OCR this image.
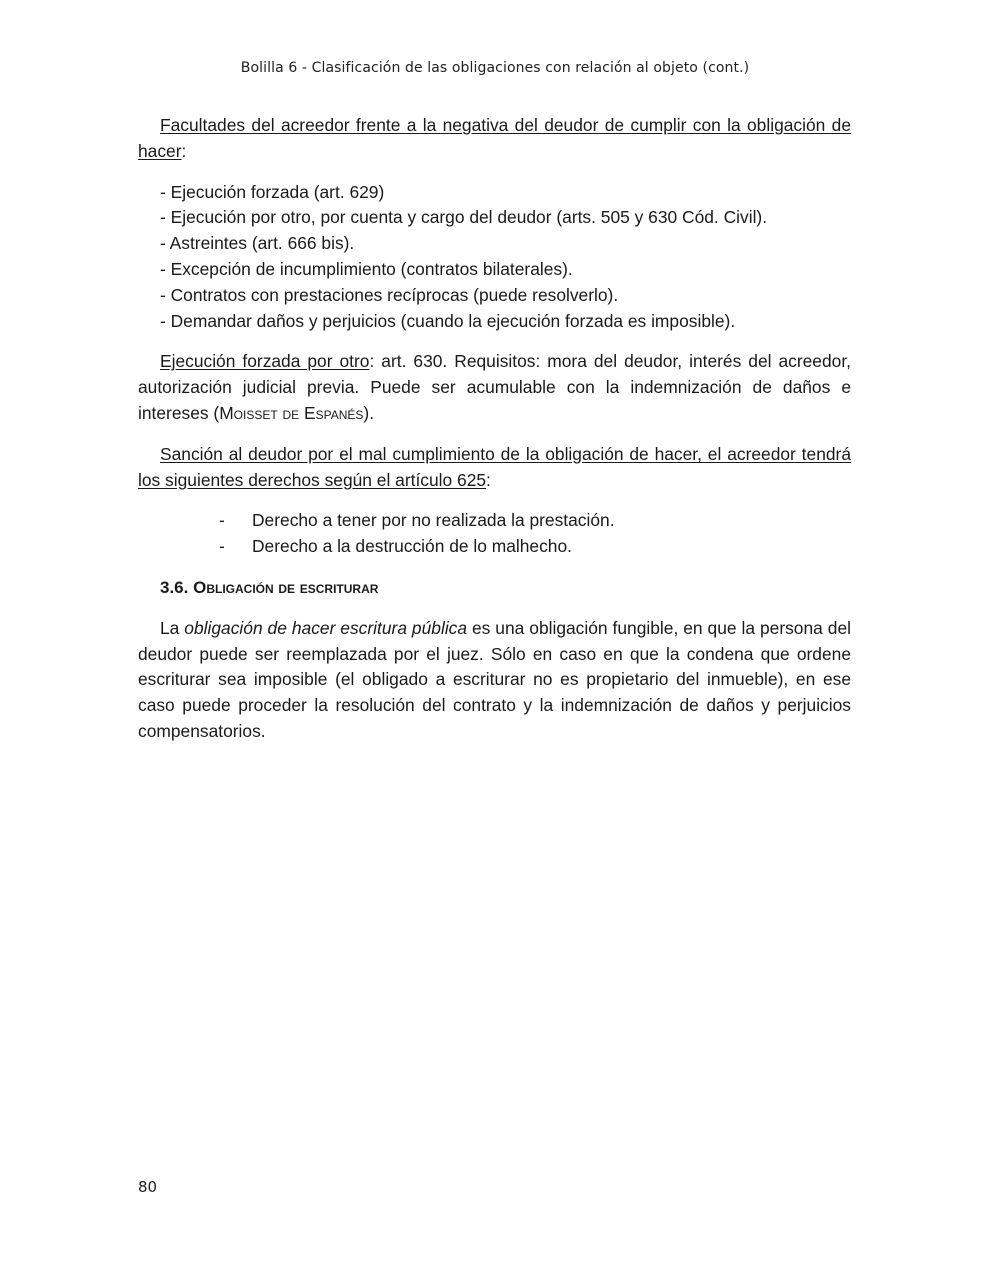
Bolilla 6 - Clasificación de las obligaciones con relación al objeto (cont.)

Facultades del acreedor frente a la negativa del deudor de cumplir con la obligación de hacer:

- Ejecución forzada (art. 629)
- Ejecución por otro, por cuenta y cargo del deudor (arts. 505 y 630 Cód. Civil).
- Astreintes (art. 666 bis).
- Excepción de incumplimiento (contratos bilaterales).
- Contratos con prestaciones recíprocas (puede resolverlo).
- Demandar daños y perjuicios (cuando la ejecución forzada es imposible).

Ejecución forzada por otro: art. 630. Requisitos: mora del deudor, interés del acreedor, autorización judicial previa. Puede ser acumulable con la indemnización de daños e intereses (Moisset de Espanés).

Sanción al deudor por el mal cumplimiento de la obligación de hacer, el acreedor tendrá los siguientes derechos según el artículo 625:

- Derecho a tener por no realizada la prestación.
- Derecho a la destrucción de lo malhecho.
3.6. Obligación de escriturar

La obligación de hacer escritura pública es una obligación fungible, en que la persona del deudor puede ser reemplazada por el juez. Sólo en caso en que la condena que ordene escriturar sea imposible (el obligado a escriturar no es propietario del inmueble), en ese caso puede proceder la resolución del contrato y la indemnización de daños y perjuicios compensatorios.

80
